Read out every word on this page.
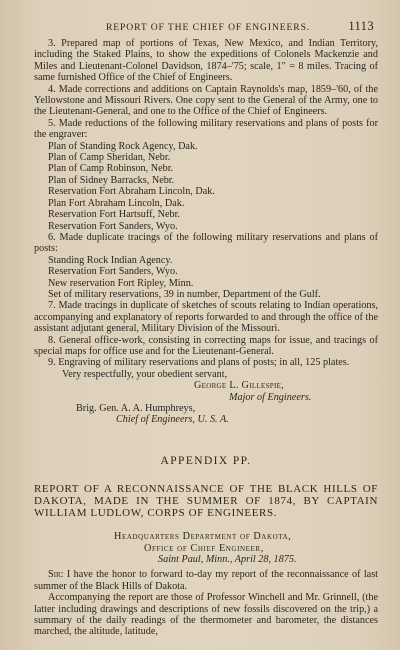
REPORT OF THE CHIEF OF ENGINEERS.	1113

3. Prepared map of portions of Texas, New Mexico, and Indian Territory, including the Staked Plains, to show the expeditions of Colonels Mackenzie and Miles and Lieutenant-Colonel Davidson, 1874–'75; scale, 1″ = 8 miles. Tracing of same furnished Office of the Chief of Engineers.

4. Made corrections and additions on Captain Raynolds's map, 1859–'60, of the Yellowstone and Missouri Rivers. One copy sent to the General of the Army, one to the Lieutenant-General, and one to the Office of the Chief of Engineers.

5. Made reductions of the following military reservations and plans of posts for the engraver:

Plan of Standing Rock Agency, Dak.

Plan of Camp Sheridan, Nebr.

Plan of Camp Robinson, Nebr.

Plan of Sidney Barracks, Nebr.

Reservation Fort Abraham Lincoln, Dak.

Plan Fort Abraham Lincoln, Dak.

Reservation Fort Hartsuff, Nebr.

Reservation Fort Sanders, Wyo.

6. Made duplicate tracings of the following military reservations and plans of posts:

Standing Rock Indian Agency.

Reservation Fort Sanders, Wyo.

New reservation Fort Ripley, Minn.

Set of military reservations, 39 in number, Department of the Gulf.

7. Made tracings in duplicate of sketches of scouts relating to Indian operations, accompanying and explanatory of reports forwarded to and through the office of the assistant adjutant general, Military Division of the Missouri.

8. General office-work, consisting in correcting maps for issue, and tracings of special maps for office use and for the Lieutenant-General.

9. Engraving of military reservations and plans of posts; in all, 125 plates.

Very respectfully, your obedient servant,

George L. Gillespie,

Major of Engineers.

Brig. Gen. A. A. Humphreys,

Chief of Engineers, U. S. A.

APPENDIX PP.

REPORT OF A RECONNAISSANCE OF THE BLACK HILLS OF DAKOTA, MADE IN THE SUMMER OF 1874, BY CAPTAIN WILLIAM LUDLOW, CORPS OF ENGINEERS.

Headquarters Department of Dakota,

Office of Chief Engineer,

Saint Paul, Minn., April 28, 1875.

Sir: I have the honor to forward to-day my report of the reconnaissance of last summer of the Black Hills of Dakota.

Accompanying the report are those of Professor Winchell and Mr. Grinnell, (the latter including drawings and descriptions of new fossils discovered on the trip,) a summary of the daily readings of the thermometer and barometer, the distances marched, the altitude, latitude,
